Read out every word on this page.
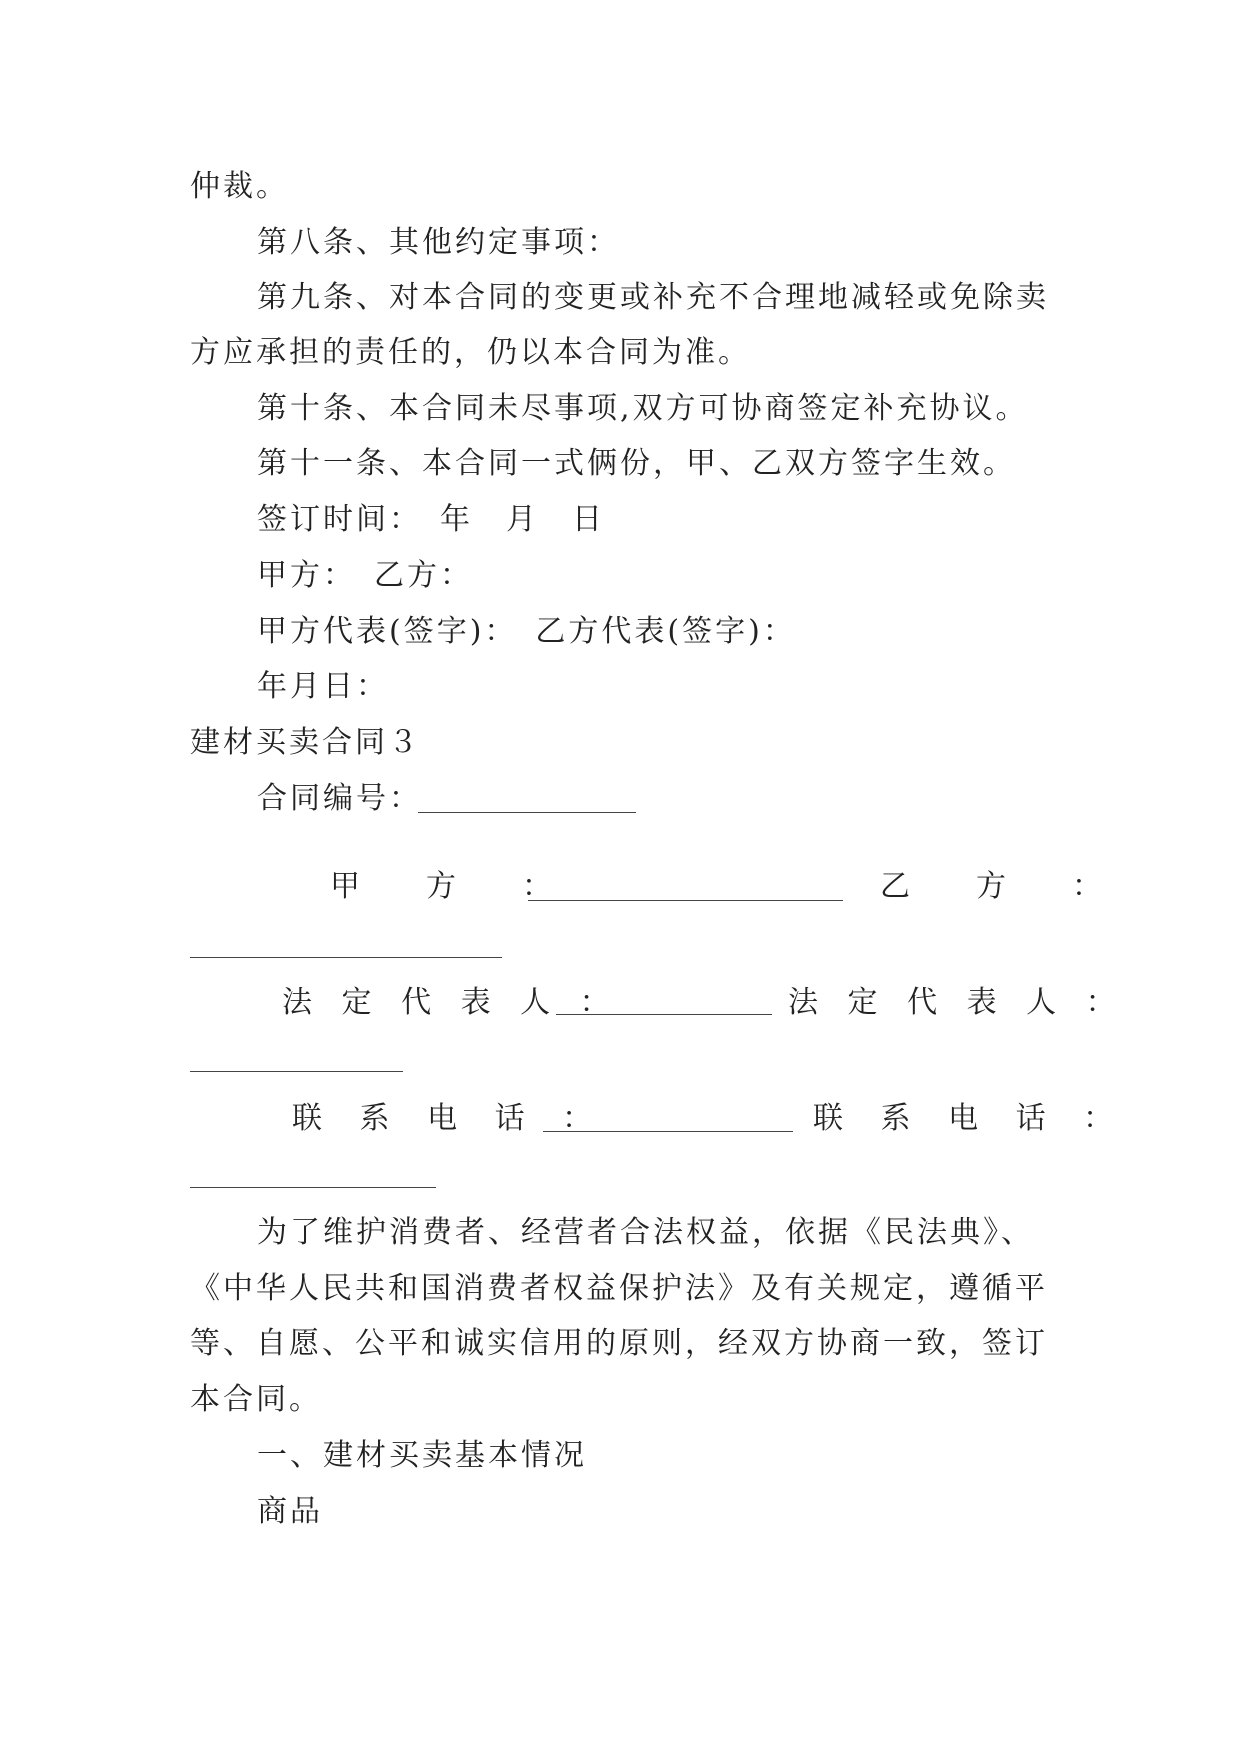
仲裁。
第八条、其他约定事项：
第九条、对本合同的变更或补充不合理地减轻或免除卖
方应承担的责任的，仍以本合同为准。
第十条、本合同未尽事项,双方可协商签定补充协议。
第十一条、本合同一式俩份，甲、乙双方签字生效。
签订时间：　年　月　日
甲方：　乙方：
甲方代表(签字)：　乙方代表(签字)：
年月日：
建材买卖合同３
合同编号：
甲　方　：	乙　方　：
法 定 代 表 人 ：	法 定 代 表 人 ：
联 系 电 话 ：	联 系 电 话 ：
为了维护消费者、经营者合法权益，依据《民法典》、
《中华人民共和国消费者权益保护法》及有关规定，遵循平
等、自愿、公平和诚实信用的原则，经双方协商一致，签订
本合同。
一、建材买卖基本情况
商品
